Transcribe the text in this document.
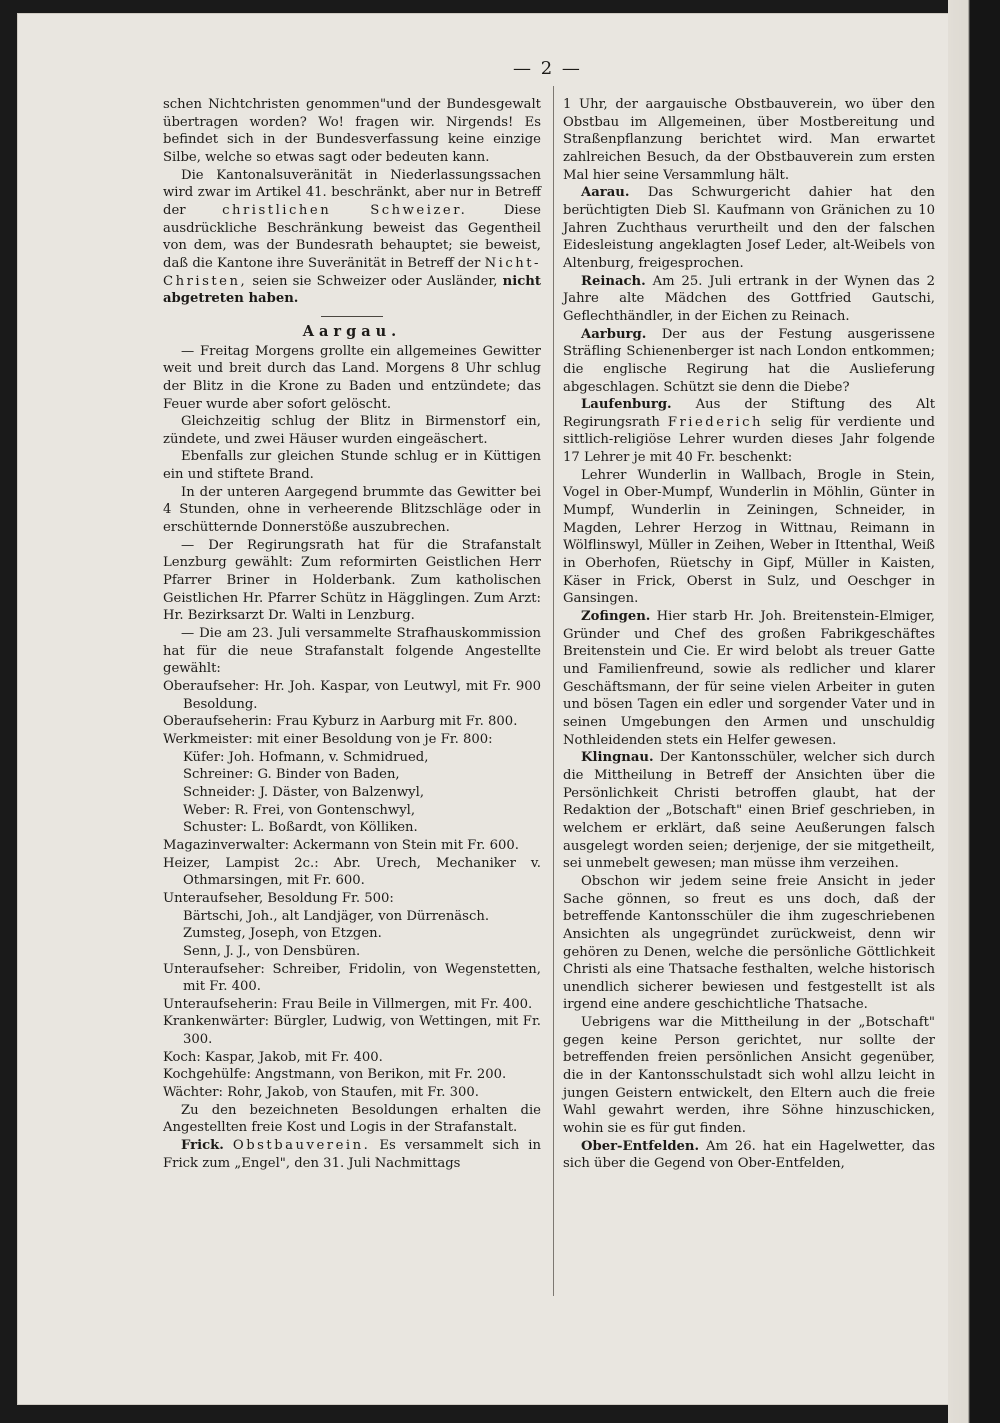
— 2 —

schen Nichtchristen genommen"und der Bundesgewalt übertragen worden? Wo! fragen wir. Nirgends! Es befindet sich in der Bundesverfassung keine einzige Silbe, welche so etwas sagt oder bedeuten kann.

Die Kantonalsuveränität in Niederlassungssachen wird zwar im Artikel 41. beschränkt, aber nur in Betreff der	christlichen Schweizer.	Diese ausdrückliche Beschränkung beweist das Gegentheil von dem, was der Bundesrath behauptet; sie beweist, daß die Kantone ihre Suveränität in Betreff der Nicht-Christen, seien sie Schweizer oder Ausländer, nicht abgetreten haben.

Aargau.

— Freitag Morgens grollte ein allgemeines Gewitter weit und breit durch das Land. Morgens 8 Uhr schlug der Blitz in die Krone zu Baden und entzündete; das Feuer wurde aber sofort gelöscht.

Gleichzeitig schlug der Blitz in Birmenstorf ein, zündete, und zwei Häuser wurden eingeäschert.

Ebenfalls zur gleichen Stunde schlug er in Küttigen ein und stiftete Brand.

In der unteren Aargegend brummte das Gewitter bei 4 Stunden, ohne in verheerende Blitzschläge oder in erschütternde Donnerstöße auszubrechen.

— Der Regirungsrath hat für die Strafanstalt Lenzburg gewählt: Zum reformirten Geistlichen Herr Pfarrer Briner in Holderbank. Zum katholischen Geistlichen Hr. Pfarrer Schütz in Hägglingen. Zum Arzt: Hr. Bezirksarzt Dr. Walti in Lenzburg.

— Die am 23. Juli versammelte Strafhauskommission hat für die neue Strafanstalt folgende Angestellte gewählt:

Oberaufseher: Hr. Joh. Kaspar, von Leutwyl, mit Fr. 900 Besoldung.

Oberaufseherin: Frau Kyburz in Aarburg mit Fr. 800.

Werkmeister: mit einer Besoldung von je Fr. 800:

Küfer: Joh. Hofmann, v. Schmidrued,

Schreiner: G. Binder von Baden,

Schneider: J. Däster, von Balzenwyl,

Weber: R. Frei, von Gontenschwyl,

Schuster: L. Boßardt, von Kölliken.

Magazinverwalter: Ackermann von Stein mit Fr. 600.

Heizer, Lampist 2c.: Abr. Urech, Mechaniker v. Othmarsingen, mit Fr. 600.

Unteraufseher, Besoldung Fr. 500:

Bärtschi, Joh., alt Landjäger, von Dürrenäsch.

Zumsteg, Joseph, von Etzgen.

Senn, J. J., von Densbüren.

Unteraufseher: Schreiber, Fridolin, von Wegenstetten, mit Fr. 400.

Unteraufseherin: Frau Beile in Villmergen, mit Fr. 400.

Krankenwärter: Bürgler, Ludwig, von Wettingen, mit Fr. 300.

Koch: Kaspar, Jakob, mit Fr. 400.

Kochgehülfe: Angstmann, von Berikon, mit Fr. 200.

Wächter: Rohr, Jakob, von Staufen, mit Fr. 300.

Zu den bezeichneten Besoldungen erhalten die Angestellten freie Kost und Logis in der Strafanstalt.

Frick. Obstbauverein. Es versammelt sich in Frick zum „Engel", den 31. Juli Nachmittags

1 Uhr, der aargauische Obstbauverein, wo über den Obstbau im Allgemeinen, über Mostbereitung und Straßenpflanzung berichtet wird. Man erwartet zahlreichen Besuch, da der Obstbauverein zum ersten Mal hier seine Versammlung hält.

Aarau. Das Schwurgericht dahier hat den berüchtigten Dieb Sl. Kaufmann von Gränichen zu 10 Jahren Zuchthaus verurtheilt und den der falschen Eidesleistung angeklagten Josef Leder, alt-Weibels von Altenburg, freigesprochen.

Reinach. Am 25. Juli ertrank in der Wynen das 2 Jahre alte Mädchen des Gottfried Gautschi, Geflechthändler, in der Eichen zu Reinach.

Aarburg. Der aus der Festung ausgerissene Sträfling Schienenberger ist nach London entkommen; die englische Regirung hat die Auslieferung abgeschlagen. Schützt sie denn die Diebe?

Laufenburg. Aus der Stiftung des Alt Regirungsrath Friederich selig für verdiente und sittlich-religiöse Lehrer wurden dieses Jahr folgende 17 Lehrer je mit 40 Fr. beschenkt:

Lehrer Wunderlin in Wallbach, Brogle in Stein, Vogel in Ober-Mumpf, Wunderlin in Möhlin, Günter in Mumpf, Wunderlin in Zeiningen, Schneider, in Magden, Lehrer Herzog in Wittnau, Reimann in Wölflinswyl, Müller in Zeihen, Weber in Ittenthal, Weiß in Oberhofen, Rüetschy in Gipf, Müller in Kaisten, Käser in Frick, Oberst in Sulz, und Oeschger in Gansingen.

Zofingen. Hier starb Hr. Joh. Breitenstein-Elmiger, Gründer und Chef des großen Fabrikgeschäftes Breitenstein und Cie. Er wird belobt als treuer Gatte und Familienfreund, sowie als redlicher und klarer Geschäftsmann, der für seine vielen Arbeiter in guten und bösen Tagen ein edler und sorgender Vater und in seinen Umgebungen den Armen und unschuldig Nothleidenden stets ein Helfer gewesen.

Klingnau. Der Kantonsschüler, welcher sich durch die Mittheilung in Betreff der Ansichten über die Persönlichkeit Christi betroffen glaubt, hat der Redaktion der „Botschaft" einen Brief geschrieben, in welchem er erklärt, daß seine Aeußerungen falsch ausgelegt worden seien; derjenige, der sie mitgetheilt, sei unmebelt gewesen; man müsse ihm verzeihen.

Obschon wir jedem seine freie Ansicht in jeder Sache gönnen, so freut es uns doch, daß der betreffende Kantonsschüler die ihm zugeschriebenen Ansichten als ungegründet zurückweist, denn wir gehören zu Denen, welche die persönliche Göttlichkeit Christi als eine Thatsache festhalten, welche historisch unendlich sicherer bewiesen und festgestellt ist als irgend eine andere geschichtliche Thatsache.

Uebrigens war die Mittheilung in der „Botschaft" gegen keine Person gerichtet, nur sollte der betreffenden freien persönlichen Ansicht gegenüber, die in der Kantonsschulstadt sich wohl allzu leicht in jungen Geistern entwickelt, den Eltern auch die freie Wahl gewahrt werden, ihre Söhne hinzuschicken, wohin sie es für gut finden.

Ober-Entfelden. Am 26. hat ein Hagelwetter, das sich über die Gegend von Ober-Entfelden,
